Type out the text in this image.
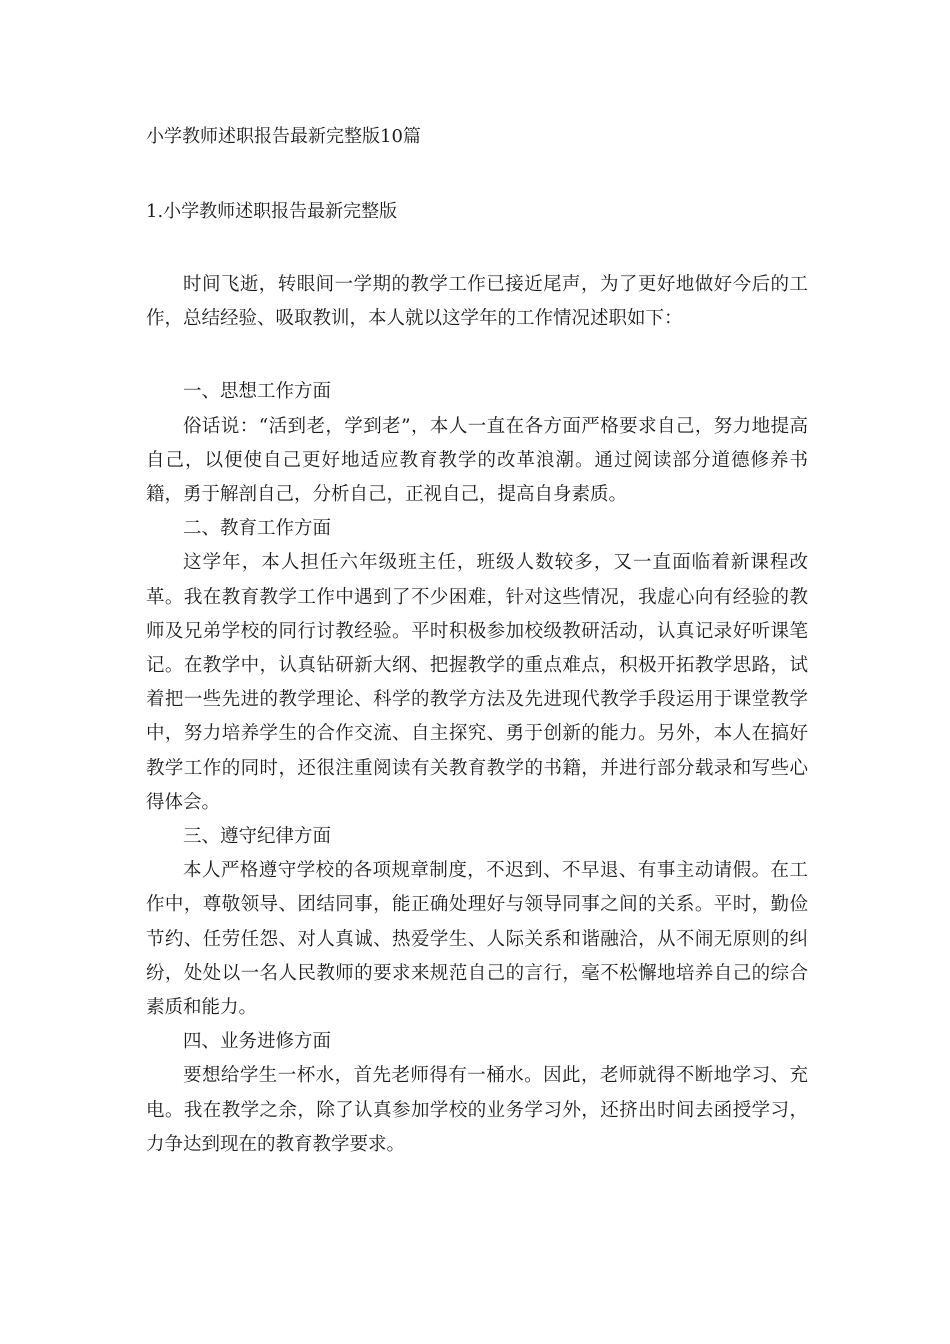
小学教师述职报告最新完整版10篇
1.小学教师述职报告最新完整版

时间飞逝，转眼间一学期的教学工作已接近尾声，为了更好地做好今后的工作，总结经验、吸取教训，本人就以这学年的工作情况述职如下：

一、思想工作方面

俗话说：“活到老，学到老”，本人一直在各方面严格要求自己，努力地提高自己，以便使自己更好地适应教育教学的改革浪潮。通过阅读部分道德修养书籍，勇于解剖自己，分析自己，正视自己，提高自身素质。

二、教育工作方面

这学年，本人担任六年级班主任，班级人数较多，又一直面临着新课程改革。我在教育教学工作中遇到了不少困难，针对这些情况，我虚心向有经验的教师及兄弟学校的同行讨教经验。平时积极参加校级教研活动，认真记录好听课笔记。在教学中，认真钻研新大纲、把握教学的重点难点，积极开拓教学思路，试着把一些先进的教学理论、科学的教学方法及先进现代教学手段运用于课堂教学中，努力培养学生的合作交流、自主探究、勇于创新的能力。另外，本人在搞好教学工作的同时，还很注重阅读有关教育教学的书籍，并进行部分载录和写些心得体会。

三、遵守纪律方面

本人严格遵守学校的各项规章制度，不迟到、不早退、有事主动请假。在工作中，尊敬领导、团结同事，能正确处理好与领导同事之间的关系。平时，勤俭节约、任劳任怨、对人真诚、热爱学生、人际关系和谐融洽，从不闹无原则的纠纷，处处以一名人民教师的要求来规范自己的言行，毫不松懈地培养自己的综合素质和能力。

四、业务进修方面

要想给学生一杯水，首先老师得有一桶水。因此，老师就得不断地学习、充电。我在教学之余，除了认真参加学校的业务学习外，还挤出时间去函授学习，力争达到现在的教育教学要求。
